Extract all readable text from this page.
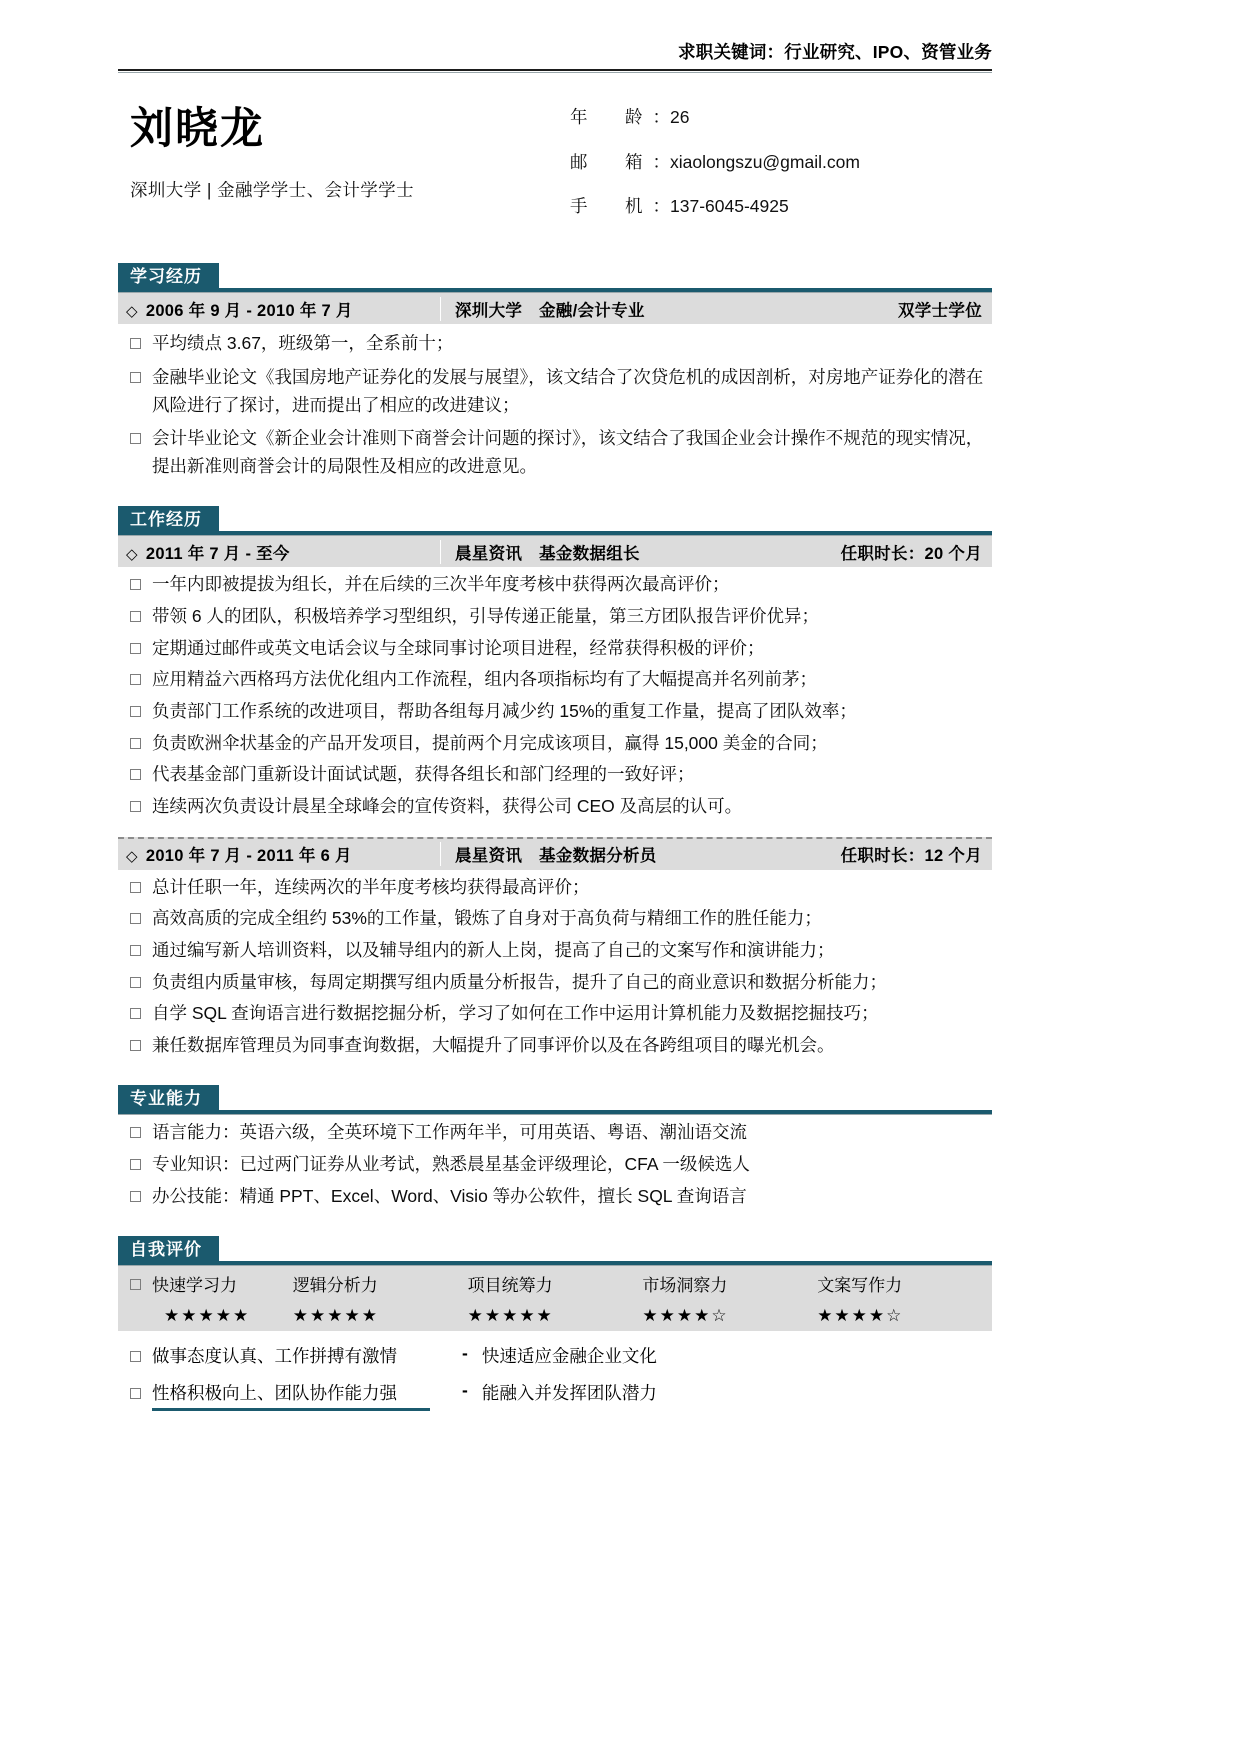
求职关键词：行业研究、IPO、资管业务
刘晓龙
深圳大学 | 金融学学士、会计学学士
年　龄：26
邮　箱：xiaolongszu@gmail.com
手　机：137-6045-4925
学习经历
◇ 2006 年 9 月 - 2010 年 7 月	深圳大学　金融/会计专业	双学士学位
平均绩点 3.67，班级第一，全系前十；
金融毕业论文《我国房地产证券化的发展与展望》，该文结合了次贷危机的成因剖析，对房地产证券化的潜在风险进行了探讨，进而提出了相应的改进建议；
会计毕业论文《新企业会计准则下商誉会计问题的探讨》，该文结合了我国企业会计操作不规范的现实情况，提出新准则商誉会计的局限性及相应的改进意见。
工作经历
◇ 2011 年 7 月 - 至今	晨星资讯　基金数据组长	任职时长：20 个月
一年内即被提拔为组长，并在后续的三次半年度考核中获得两次最高评价；
带领 6 人的团队，积极培养学习型组织，引导传递正能量，第三方团队报告评价优异；
定期通过邮件或英文电话会议与全球同事讨论项目进程，经常获得积极的评价；
应用精益六西格玛方法优化组内工作流程，组内各项指标均有了大幅提高并名列前茅；
负责部门工作系统的改进项目，帮助各组每月减少约 15%的重复工作量，提高了团队效率；
负责欧洲伞状基金的产品开发项目，提前两个月完成该项目，赢得 15,000 美金的合同；
代表基金部门重新设计面试试题，获得各组长和部门经理的一致好评；
连续两次负责设计晨星全球峰会的宣传资料，获得公司 CEO 及高层的认可。
◇ 2010 年 7 月 - 2011 年 6 月	晨星资讯　基金数据分析员	任职时长：12 个月
总计任职一年，连续两次的半年度考核均获得最高评价；
高效高质的完成全组约 53%的工作量，锻炼了自身对于高负荷与精细工作的胜任能力；
通过编写新人培训资料，以及辅导组内的新人上岗，提高了自己的文案写作和演讲能力；
负责组内质量审核，每周定期撰写组内质量分析报告，提升了自己的商业意识和数据分析能力；
自学 SQL 查询语言进行数据挖掘分析，学习了如何在工作中运用计算机能力及数据挖掘技巧；
兼任数据库管理员为同事查询数据，大幅提升了同事评价以及在各跨组项目的曝光机会。
专业能力
语言能力：英语六级，全英环境下工作两年半，可用英语、粤语、潮汕语交流
专业知识：已过两门证券从业考试，熟悉晨星基金评级理论，CFA 一级候选人
办公技能：精通 PPT、Excel、Word、Visio 等办公软件，擅长 SQL 查询语言
自我评价
快速学习力	逻辑分析力	项目统筹力	市场洞察力	文案写作力
★★★★★	★★★★★	★★★★★	★★★★☆	★★★★☆
做事态度认真、工作拼搏有激情	- 快速适应金融企业文化
性格积极向上、团队协作能力强	- 能融入并发挥团队潜力
